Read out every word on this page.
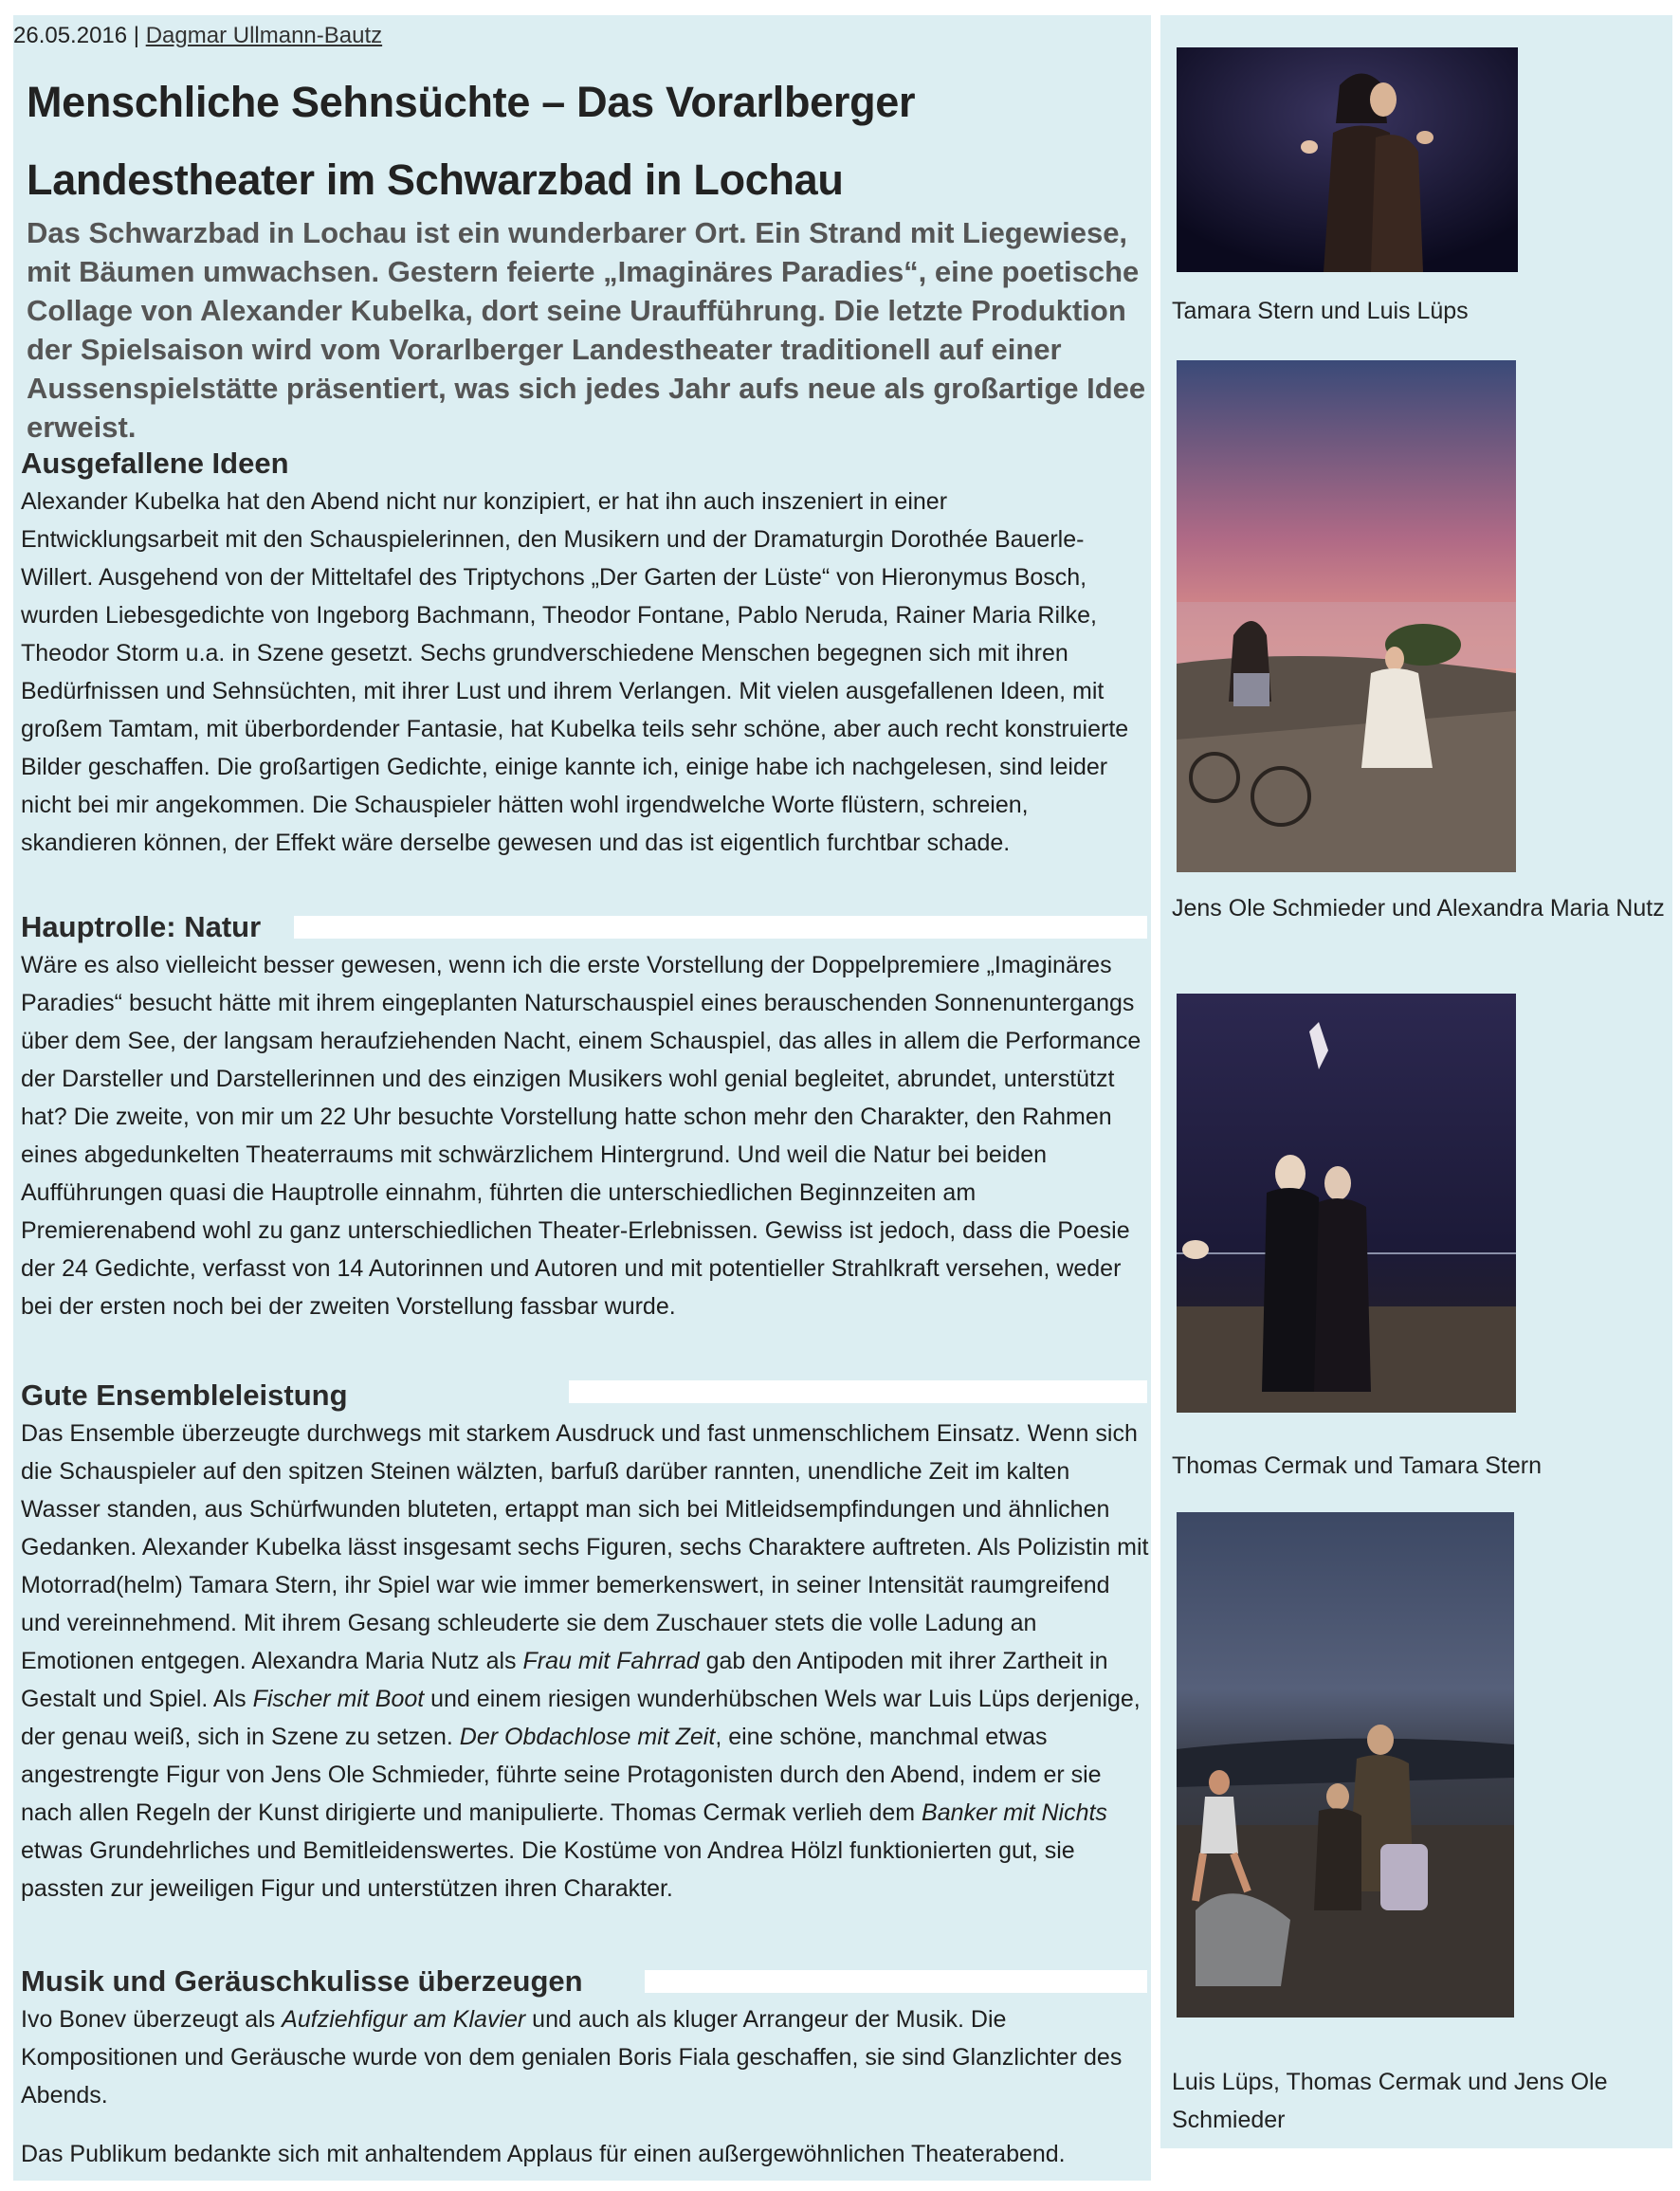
26.05.2016 | Dagmar Ullmann-Bautz
Menschliche Sehnsüchte – Das Vorarlberger
Landestheater im Schwarzbad in Lochau

Das Schwarzbad in Lochau ist ein wunderbarer Ort. Ein Strand mit Liegewiese, mit Bäumen umwachsen. Gestern feierte „Imaginäres Paradies“, eine poetische Collage von Alexander Kubelka, dort seine Uraufführung. Die letzte Produktion der Spielsaison wird vom Vorarlberger Landestheater traditionell auf einer Aussenspielstätte präsentiert, was sich jedes Jahr aufs neue als großartige Idee erweist.

Ausgefallene Ideen

Alexander Kubelka hat den Abend nicht nur konzipiert, er hat ihn auch inszeniert in einer Entwicklungsarbeit mit den Schauspielerinnen, den Musikern und der Dramaturgin Dorothée Bauerle-Willert. Ausgehend von der Mitteltafel des Triptychons „Der Garten der Lüste“ von Hieronymus Bosch, wurden Liebesgedichte von Ingeborg Bachmann, Theodor Fontane, Pablo Neruda, Rainer Maria Rilke, Theodor Storm u.a. in Szene gesetzt. Sechs grundverschiedene Menschen begegnen sich mit ihren Bedürfnissen und Sehnsüchten, mit ihrer Lust und ihrem Verlangen. Mit vielen ausgefallenen Ideen, mit großem Tamtam, mit überbordender Fantasie, hat Kubelka teils sehr schöne, aber auch recht konstruierte Bilder geschaffen. Die großartigen Gedichte, einige kannte ich, einige habe ich nachgelesen, sind leider nicht bei mir angekommen. Die Schauspieler hätten wohl irgendwelche Worte flüstern, schreien, skandieren können, der Effekt wäre derselbe gewesen und das ist eigentlich furchtbar schade.

Hauptrolle: Natur

Wäre es also vielleicht besser gewesen, wenn ich die erste Vorstellung der Doppelpremiere „Imaginäres Paradies“ besucht hätte mit ihrem eingeplanten Naturschauspiel eines berauschenden Sonnenuntergangs über dem See, der langsam heraufziehenden Nacht, einem Schauspiel, das alles in allem die Performance der Darsteller und Darstellerinnen und des einzigen Musikers wohl genial begleitet, abrundet, unterstützt hat? Die zweite, von mir um 22 Uhr besuchte Vorstellung hatte schon mehr den Charakter, den Rahmen eines abgedunkelten Theaterraums mit schwärzlichem Hintergrund. Und weil die Natur bei beiden Aufführungen quasi die Hauptrolle einnahm, führten die unterschiedlichen Beginnzeiten am Premierenabend wohl zu ganz unterschiedlichen Theater-Erlebnissen. Gewiss ist jedoch, dass die Poesie der 24 Gedichte, verfasst von 14 Autorinnen und Autoren und mit potentieller Strahlkraft versehen, weder bei der ersten noch bei der zweiten Vorstellung fassbar wurde.

Gute Ensembleleistung

Das Ensemble überzeugte durchwegs mit starkem Ausdruck und fast unmenschlichem Einsatz. Wenn sich die Schauspieler auf den spitzen Steinen wälzten, barfuß darüber rannten, unendliche Zeit im kalten Wasser standen, aus Schürfwunden bluteten, ertappt man sich bei Mitleidsempfindungen und ähnlichen Gedanken. Alexander Kubelka lässt insgesamt sechs Figuren, sechs Charaktere auftreten. Als Polizistin mit Motorrad(helm) Tamara Stern, ihr Spiel war wie immer bemerkenswert, in seiner Intensität raumgreifend und vereinnehmend. Mit ihrem Gesang schleuderte sie dem Zuschauer stets die volle Ladung an Emotionen entgegen. Alexandra Maria Nutz als Frau mit Fahrrad gab den Antipoden mit ihrer Zartheit in Gestalt und Spiel. Als Fischer mit Boot und einem riesigen wunderhübschen Wels war Luis Lüps derjenige, der genau weiß, sich in Szene zu setzen. Der Obdachlose mit Zeit, eine schöne, manchmal etwas angestrengte Figur von Jens Ole Schmieder, führte seine Protagonisten durch den Abend, indem er sie nach allen Regeln der Kunst dirigierte und manipulierte. Thomas Cermak verlieh dem Banker mit Nichts etwas Grundehrliches und Bemitleidenswertes. Die Kostüme von Andrea Hölzl funktionierten gut, sie passten zur jeweiligen Figur und unterstützen ihren Charakter.

Musik und Geräuschkulisse überzeugen

Ivo Bonev überzeugt als Aufziehfigur am Klavier und auch als kluger Arrangeur der Musik. Die Kompositionen und Geräusche wurde von dem genialen Boris Fiala geschaffen, sie sind Glanzlichter des Abends.

Das Publikum bedankte sich mit anhaltendem Applaus für einen außergewöhnlichen Theaterabend.

Tamara Stern und Luis Lüps
Jens Ole Schmieder und Alexandra Maria Nutz
Thomas Cermak und Tamara Stern
Luis Lüps, Thomas Cermak und Jens Ole Schmieder
